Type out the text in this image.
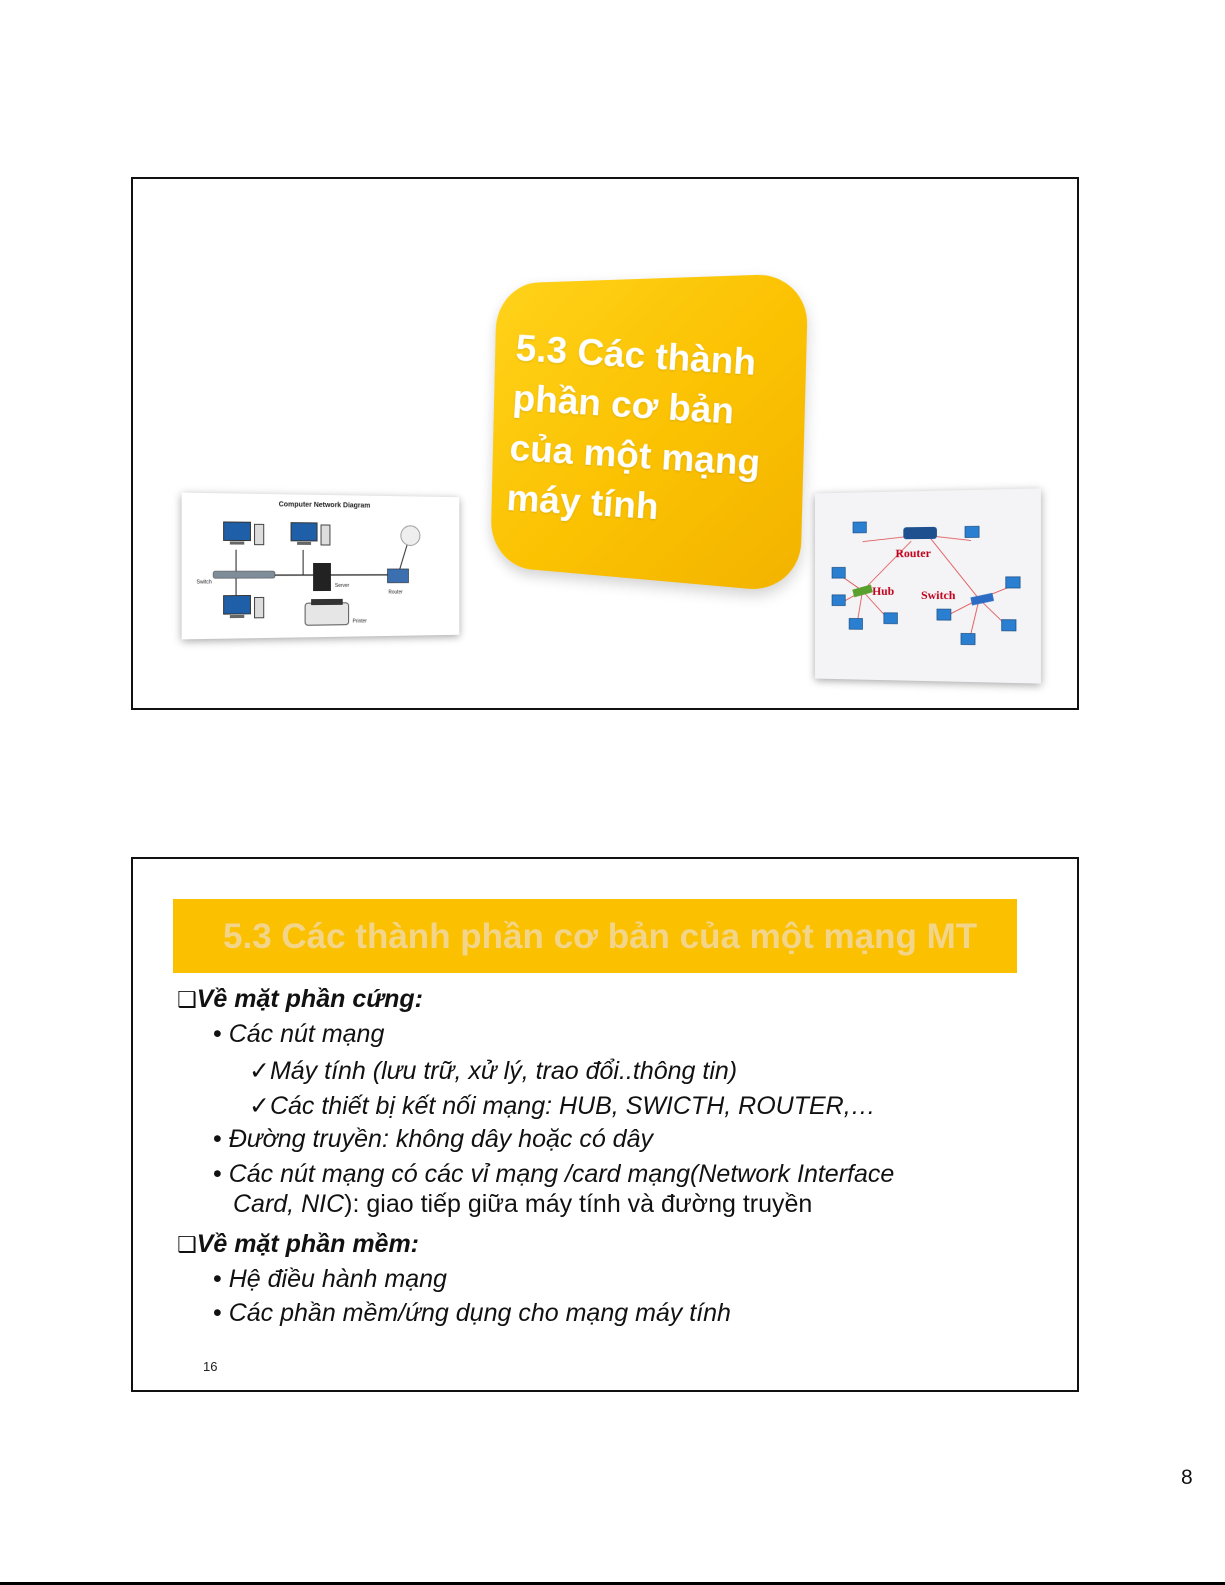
5.3 Các thành
phần cơ bản
của một mạng
máy tính
Computer Network Diagram
Switch
Server
Router
Printer
Router
Hub Switch
5.3 Các thành phần cơ bản của một mạng MT
❑Về mặt phần cứng:
• Các nút mạng
✓Máy tính (lưu trữ, xử lý, trao đổi..thông tin)
✓Các thiết bị kết nối mạng: HUB, SWICTH, ROUTER,…
• Đường truyền: không dây hoặc có dây
• Các nút mạng có các vỉ mạng /card mạng(Network Interface
Card, NIC): giao tiếp giữa máy tính và đường truyền
❑Về mặt phần mềm:
• Hệ điều hành mạng
• Các phần mềm/ứng dụng cho mạng máy tính
16
8
